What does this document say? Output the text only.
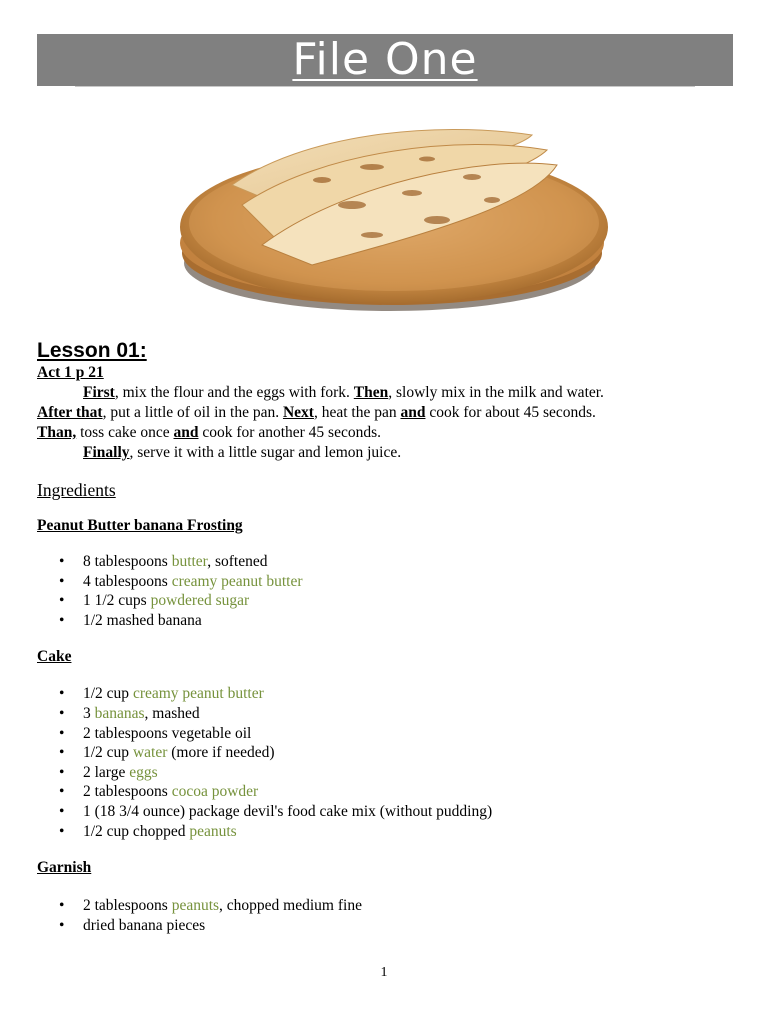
File One
Lesson 01:

Act 1 p 21

First, mix the flour and the eggs with fork. Then, slowly mix in the milk and water.

After that, put a little of oil in the pan. Next, heat the pan and cook for about 45 seconds.

Than, toss cake once and cook for another 45 seconds.

Finally, serve it with a little sugar and lemon juice.

Ingredients

Peanut Butter banana Frosting

• 8 tablespoons butter, softened
• 4 tablespoons creamy peanut butter
• 1 1/2 cups powdered sugar
• 1/2 mashed banana

Cake

• 1/2 cup creamy peanut butter
• 3 bananas, mashed
• 2 tablespoons vegetable oil
• 1/2 cup water (more if needed)
• 2 large eggs
• 2 tablespoons cocoa powder
• 1 (18 3/4 ounce) package devil's food cake mix (without pudding)
• 1/2 cup chopped peanuts

Garnish

• 2 tablespoons peanuts, chopped medium fine
• dried banana pieces
1
